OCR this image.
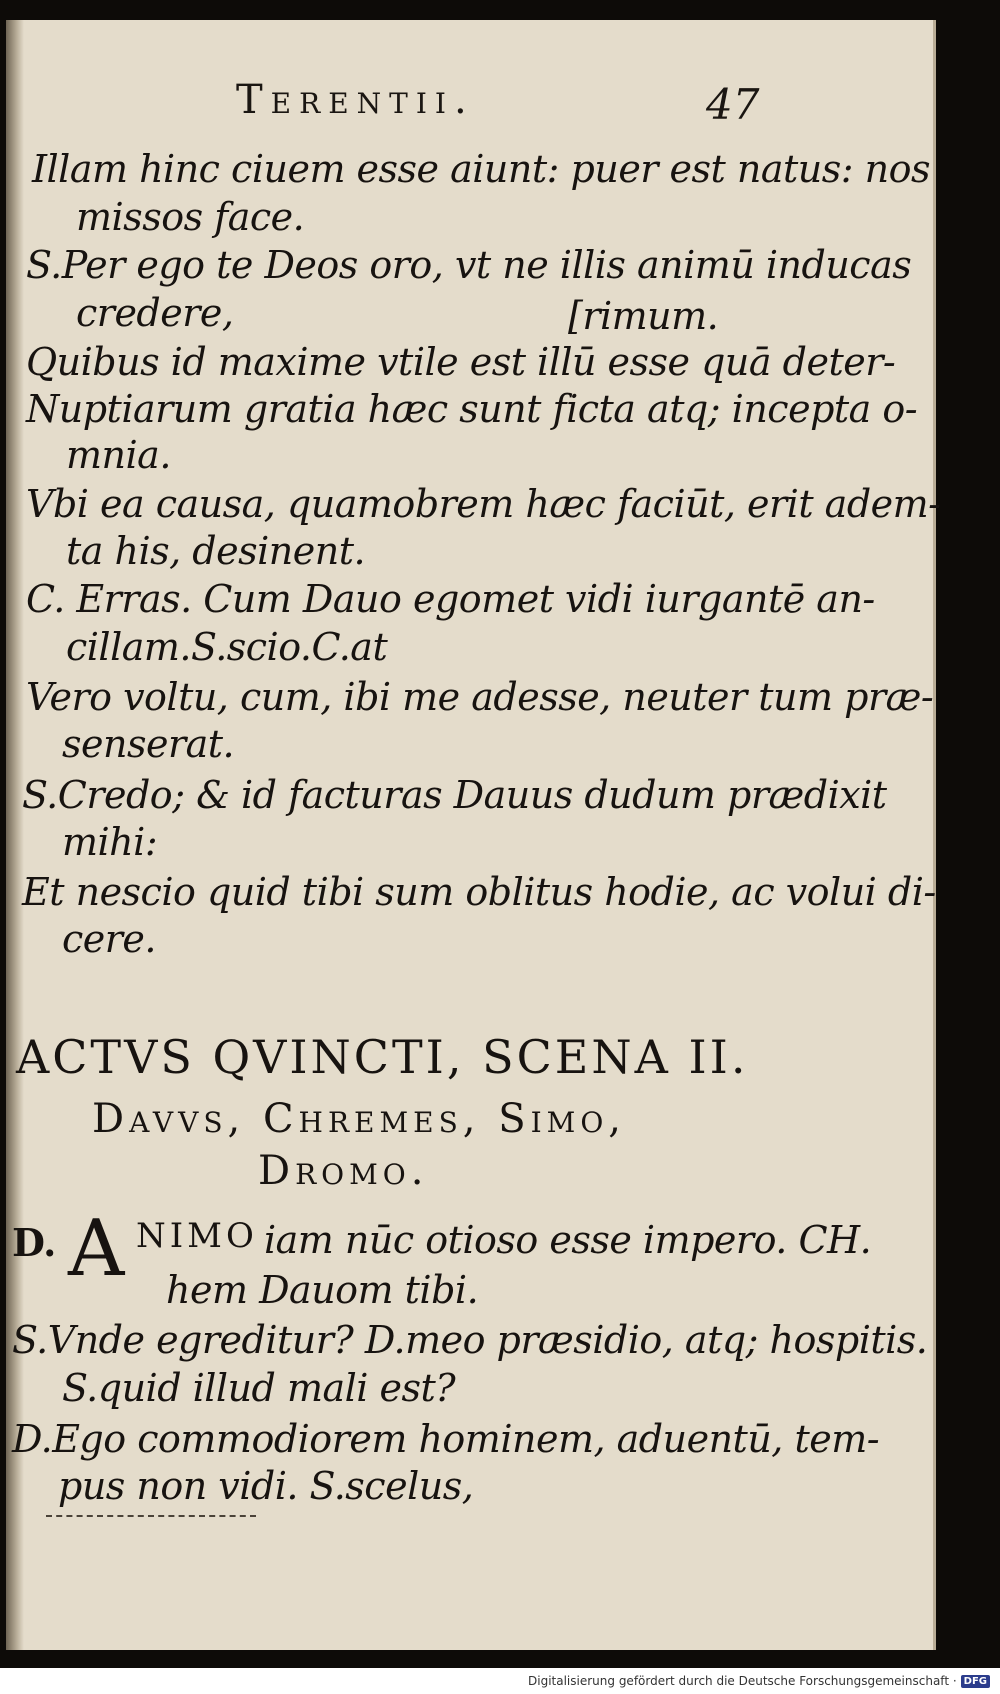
Terentii.	47
Illam hinc ciuem esse aiunt: puer est natus: nos
missos face.
S.Per ego te Deos oro, vt ne illis animū inducas
credere,	[rimum.
Quibus id maxime vtile est illū esse quā deter-
Nuptiarum gratia hæc sunt ficta atq; incepta o-
mnia.
Vbi ea causa, quamobrem hæc faciūt, erit adem-
ta his, desinent.
C. Erras. Cum Dauo egomet vidi iurgantē an-
cillam.S.scio.C.at
Vero voltu, cum, ibi me adesse, neuter tum præ-
senserat.
S.Credo; & id facturas Dauus dudum prædixit
mihi:
Et nescio quid tibi sum oblitus hodie, ac volui di-
cere.
ACTVS QVINCTI, SCENA II.
Davvs, Chremes, Simo,
Dromo.
D. A NIMO iam nūc otioso esse impero. CH.
hem Dauom tibi.
S.Vnde egreditur? D.meo præsidio, atq; hospitis.
S.quid illud mali est?
D.Ego commodiorem hominem, aduentū, tem-
pus non vidi. S.scelus,
Digitalisierung gefördert durch die Deutsche Forschungsgemeinschaft · DFG
